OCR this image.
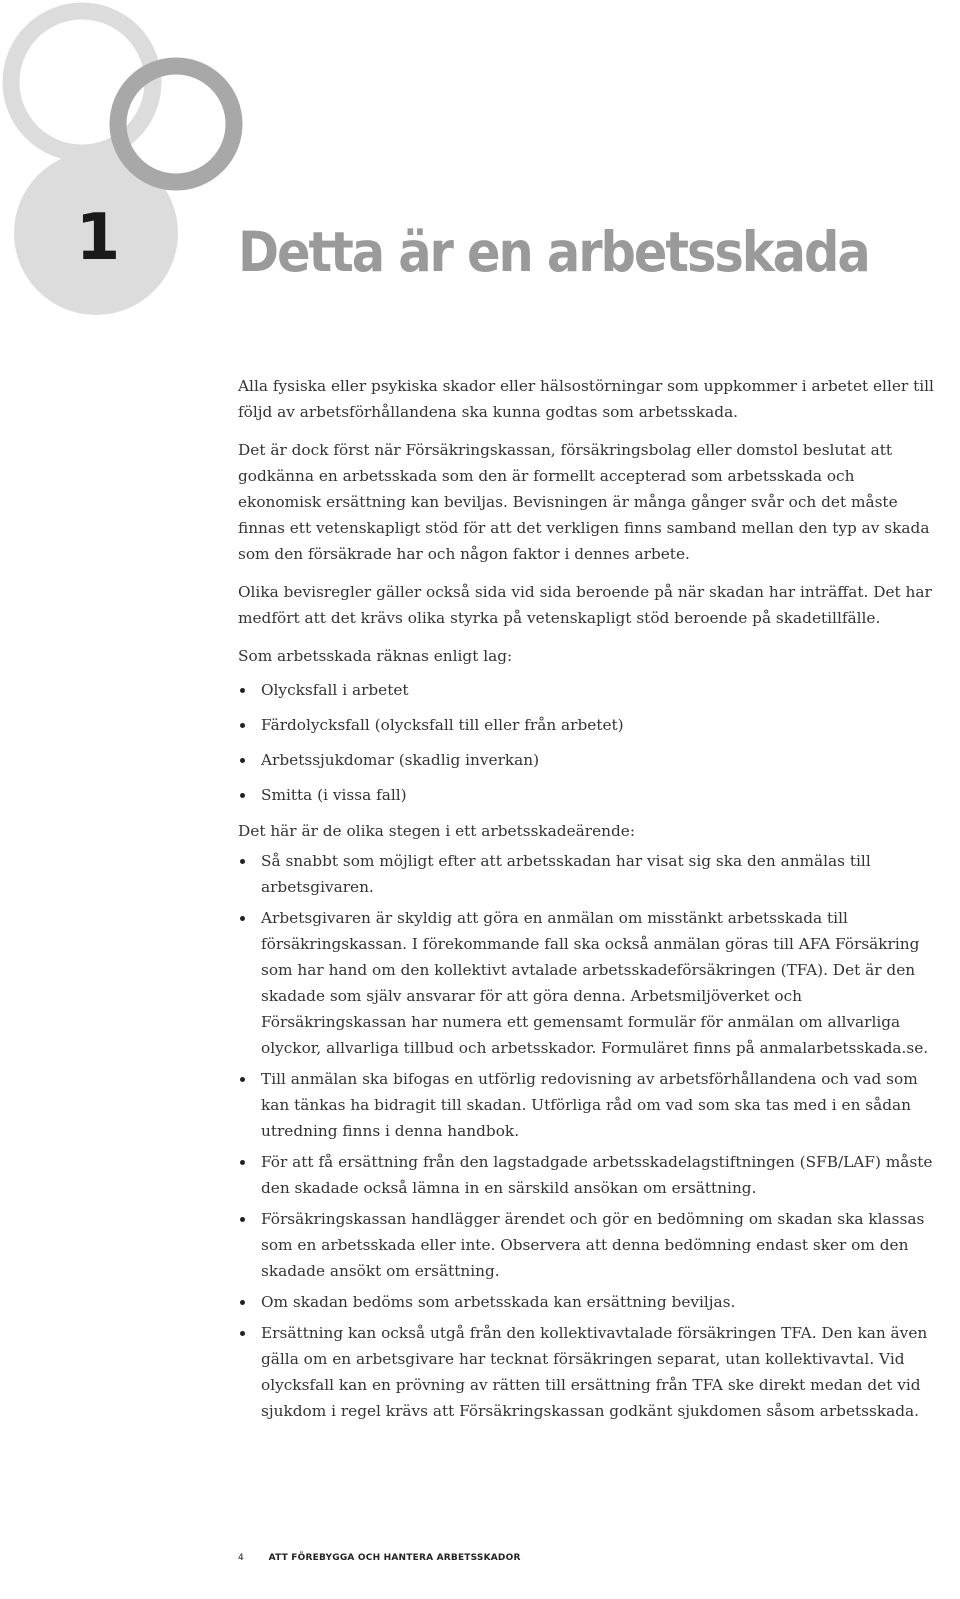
1 Detta är en arbetsskada

Alla fysiska eller psykiska skador eller hälsostörningar som uppkommer i arbetet eller till följd av arbetsförhållandena ska kunna godtas som arbetsskada.

Det är dock först när Försäkringskassan, försäkringsbolag eller domstol beslutat att godkänna en arbetsskada som den är formellt accepterad som arbetsskada och ekonomisk ersättning kan beviljas. Bevisningen är många gånger svår och det måste finnas ett vetenskapligt stöd för att det verkligen finns samband mellan den typ av skada som den försäkrade har och någon faktor i dennes arbete.

Olika bevisregler gäller också sida vid sida beroende på när skadan har inträffat. Det har medfört att det krävs olika styrka på vetenskapligt stöd beroende på skadetillfälle.

Som arbetsskada räknas enligt lag:

Olycksfall i arbetet
Färdolycksfall (olycksfall till eller från arbetet)
Arbetssjukdomar (skadlig inverkan)
Smitta (i vissa fall)

Det här är de olika stegen i ett arbetsskadeärende:

Så snabbt som möjligt efter att arbetsskadan har visat sig ska den anmälas till arbetsgivaren.
Arbetsgivaren är skyldig att göra en anmälan om misstänkt arbetsskada till försäkringskassan. I förekommande fall ska också anmälan göras till AFA Försäkring som har hand om den kollektivt avtalade arbetsskadeförsäkringen (TFA). Det är den skadade som själv ansvarar för att göra denna. Arbetsmiljöverket och Försäkringskassan har numera ett gemensamt formulär för anmälan om allvarliga olyckor, allvarliga tillbud och arbetsskador. Formuläret finns på anmalarbetsskada.se.
Till anmälan ska bifogas en utförlig redovisning av arbetsförhållandena och vad som kan tänkas ha bidragit till skadan. Utförliga råd om vad som ska tas med i en sådan utredning finns i denna handbok.
För att få ersättning från den lagstadgade arbetsskadelagstiftningen (SFB/LAF) måste den skadade också lämna in en särskild ansökan om ersättning.
Försäkringskassan handlägger ärendet och gör en bedömning om skadan ska klassas som en arbetsskada eller inte. Observera att denna bedömning endast sker om den skadade ansökt om ersättning.
Om skadan bedöms som arbetsskada kan ersättning beviljas.
Ersättning kan också utgå från den kollektivavtalade försäkringen TFA. Den kan även gälla om en arbetsgivare har tecknat försäkringen separat, utan kollektivavtal. Vid olycksfall kan en prövning av rätten till ersättning från TFA ske direkt medan det vid sjukdom i regel krävs att Försäkringskassan godkänt sjukdomen såsom arbetsskada.
4	ATT FÖREBYGGA OCH HANTERA ARBETSSKADOR
